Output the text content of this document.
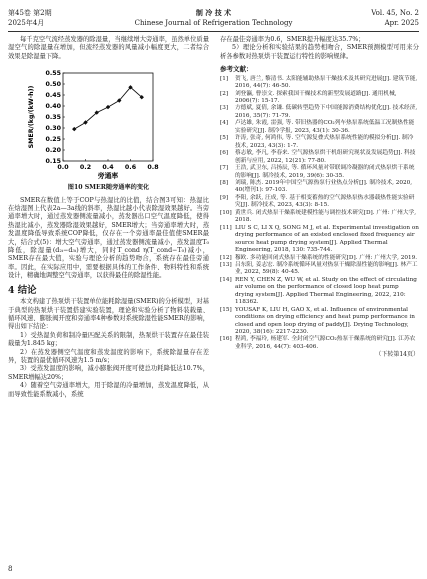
第45卷 第2期
2025年4月
制 冷 技 术
Chinese Journal of Refrigeration Technology
Vol. 45, No. 2
Apr. 2025

每千克空气流经蒸发器的除湿量，当继续增大旁通率，虽然单位质量湿空气的除湿量在增加，但流经蒸发器的风量减小幅度更大，二者综合效果是除湿量下降。

0.0 0.2 0.4 0.6 0.8
0.15
0.20
0.25
0.30
0.35
0.40
0.45
0.50
0.55
旁通率
SMER/(kg/(kW·h))
图10 SMER随旁通率的变化

SMER在数值上等于COP与热湿比的比值，结合图3可知：热湿比在焓湿图上代表2a—3a线的斜率，热湿比越小代表除湿效果越好。当旁通率增大时，通过蒸发器侧流量减小，蒸发器出口空气温度降低，使得热湿比减小，蒸发器除湿效果越好，SMER增大；当旁通率增大时，蒸发温度降低导致系统COP降低，仅存在一个旁通率最佳值使SMER最大，结合式(5)：增大空气旁通率，通过蒸发器侧流量减小，蒸发温度T₀降低，除湿量(d₂ᵢ−d₃ᵢ)增大，同时T_cond η(T_cond−T₀)减小，SMER存在最大值，实验与理论分析的趋势吻合，系统存在最佳旁通率。因此，在实际应用中，需要根据具体的工作条件、物料特性和系统设计，精确地调整空气旁通率，以获得最佳的除湿性能。

4 结论

本文构建了热泵烘干装置单位能耗除湿量(SMER)的分析模型，对基于典型的热泵烘干装置搭建实验装置，理论和实验分析了物料装载量、循环风速、膨胀阀开度和旁通率4种参数对系统除湿性能SMER的影响，得出如下结论：

1）受热湿负荷和制冷量匹配关系的限制，热泵烘干装置存在最佳装载量为1.845 kg；

2）在蒸发器侧空气温度和蒸发温度的影响下，系统除湿量存在差异，装置的最优循环风速为1.5 m/s；

3）受蒸发温度的影响，减小膨胀阀开度可使总功耗降低达10.7%，SMER增幅达20%；

4）随着空气旁通率增大，用于除湿的冷量增加，蒸发温度降低，从而导致性能系数减小，系统

存在最佳旁通率为0.6，SMER提升幅度达35.7%；

5）理论分析和实验结果的趋势相吻合，SMER预测模型可用来分析各参数对热泵烘干装置运行特性的影响规律。

参考文献：
[1]	贺飞, 唐兰, 黎清书. 太阳能辅助热泵干燥技术及其研究进展[J]. 建筑节能, 2016, 44(7): 46-50.
[2]	刘登瀛, 曹崇文. 探索我国干燥技术的新型发展道路[J]. 通用机械, 2006(7): 15-17.
[3]	方德斌, 夏倩, 余谦. 低碳转型趋势下中国能源消费结构优化[J]. 技术经济, 2016, 35(7): 71-79.
[4]	卢达雄, 朱霞, 雷强, 等. 带旧热器的CO₂列车热泵系统低温工况制热性能实验研究[J]. 制冷学报, 2023, 43(1): 30-36.
[5]	许涛, 张奇, 何鸿伟, 等. 空气源复叠式热泵系统性能的模拟分析[J]. 制冷技术, 2023, 43(3): 1-7.
[6]	蔡志敏, 李凡, 李春来. 空气源热泵烘干机组研究现状及发展趋势[J]. 科技创新与应用, 2022, 12(21): 77-80.
[7]	王浩, 武卫东, 吕扬辰, 等. 循环风量对带联调冷凝器的闭式热泵烘干系统的影响[J]. 制冷技术, 2019, 39(6): 30-35.
[8]	刘瑞, 陈杰. 2019年中国空气源热泵行业热点分析[J]. 制冷技术, 2020, 40(增刊1): 97-103.
[9]	李阳, 余跃, 汪成, 等. 基于相变蓄热的空气源热泵热水器载热性能实验研究[J]. 制冷技术, 2023, 43(3): 8-15.
[10] 黄世兵. 闭式热泵干燥系统建模性能与调控技术研究[D]. 广州: 广州大学, 2018.
[11] LIU S C, LI X Q, SONG M J, et al. Experimental investigation on drying performance of an existed enclosed fixed frequency air source heat pump drying system[J]. Applied Thermal Engineering, 2018, 130: 735-744.
[12] 穆欧. 多功能回闭式热泵干燥系统的性能研究[D]. 广州: 广州大学, 2019.
[13] 吕东阳, 姜志宏. 制冷系统循环风量对热泵干燥除湿性能的影响[J]. 林产工业, 2022, 59(8): 40-45.
[14] REN Y, CHEN Z, WU W, et al. Study on the effect of circulating air volume on the performance of closed loop heat pump drying system[J]. Applied Thermal Engineering, 2022, 210: 118362.
[15] YOUSAF K, LIU H, GAO X, et al. Influence of environmental conditions on drying efficiency and heat pump performance in closed and open loop drying of paddy[J]. Drying Technology, 2020, 38(16): 2217-2230.
[16] 程鸿, 李福玲, 杨建军. 全封闭空气源CO₂热泵干燥系统的研究[J]. 江苏农业科学, 2016, 44(7): 403-406.
（下转第14页）
8
